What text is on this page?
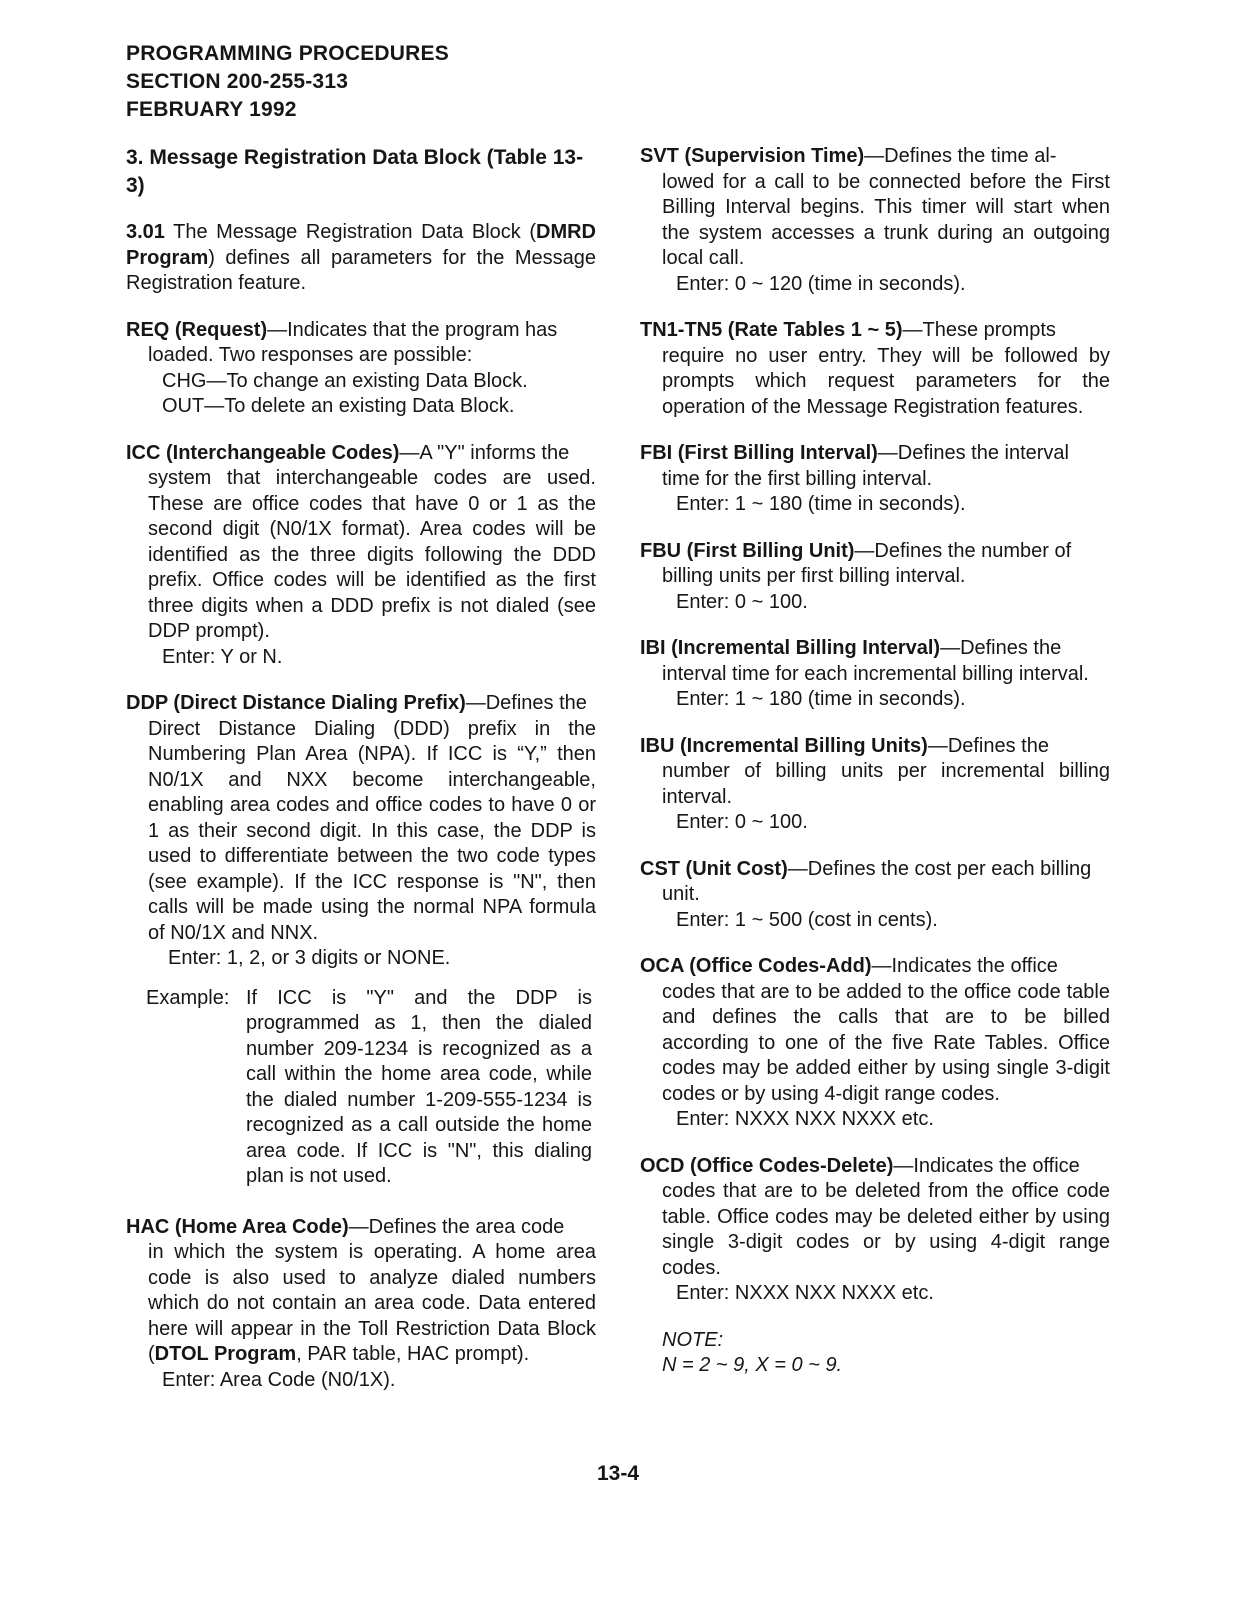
PROGRAMMING PROCEDURES
SECTION 200-255-313
FEBRUARY 1992
3. Message Registration Data Block (Table 13-3)
3.01 The Message Registration Data Block (DMRD Program) defines all parameters for the Message Registration feature.
REQ (Request)—Indicates that the program has
loaded. Two responses are possible:
CHG—To change an existing Data Block.
OUT—To delete an existing Data Block.
ICC (Interchangeable Codes)—A "Y" informs the
system that interchangeable codes are used. These are office codes that have 0 or 1 as the second digit (N0/1X format). Area codes will be identified as the three digits following the DDD prefix. Office codes will be identified as the first three digits when a DDD prefix is not dialed (see DDP prompt).
Enter: Y or N.
DDP (Direct Distance Dialing Prefix)—Defines the
Direct Distance Dialing (DDD) prefix in the Numbering Plan Area (NPA). If ICC is “Y,” then N0/1X and NXX become interchangeable, enabling area codes and office codes to have 0 or 1 as their second digit. In this case, the DDP is used to differentiate between the two code types (see example). If the ICC response is "N", then calls will be made using the normal NPA formula of N0/1X and NNX.
Enter: 1, 2, or 3 digits or NONE.
Example: If ICC is "Y" and the DDP is programmed as 1, then the dialed number 209-1234 is recognized as a call within the home area code, while the dialed number 1-209-555-1234 is recognized as a call outside the home area code. If ICC is "N", this dialing plan is not used.
HAC (Home Area Code)—Defines the area code
in which the system is operating. A home area code is also used to analyze dialed numbers which do not contain an area code. Data entered here will appear in the Toll Restriction Data Block (DTOL Program, PAR table, HAC prompt).
Enter: Area Code (N0/1X).
SVT (Supervision Time)—Defines the time al-
lowed for a call to be connected before the First Billing Interval begins. This timer will start when the system accesses a trunk during an outgoing local call.
Enter: 0 ~ 120 (time in seconds).
TN1-TN5 (Rate Tables 1 ~ 5)—These prompts
require no user entry. They will be followed by prompts which request parameters for the operation of the Message Registration features.
FBI (First Billing Interval)—Defines the interval
time for the first billing interval.
Enter: 1 ~ 180 (time in seconds).
FBU (First Billing Unit)—Defines the number of
billing units per first billing interval.
Enter: 0 ~ 100.
IBI (Incremental Billing Interval)—Defines the
interval time for each incremental billing interval.
Enter: 1 ~ 180 (time in seconds).
IBU (Incremental Billing Units)—Defines the
number of billing units per incremental billing interval.
Enter: 0 ~ 100.
CST (Unit Cost)—Defines the cost per each billing
unit.
Enter: 1 ~ 500 (cost in cents).
OCA (Office Codes-Add)—Indicates the office
codes that are to be added to the office code table and defines the calls that are to be billed according to one of the five Rate Tables. Office codes may be added either by using single 3-digit codes or by using 4-digit range codes.
Enter: NXXX NXX NXXX etc.
OCD (Office Codes-Delete)—Indicates the office
codes that are to be deleted from the office code table. Office codes may be deleted either by using single 3-digit codes or by using 4-digit range codes.
Enter: NXXX NXX NXXX etc.
NOTE:
N = 2 ~ 9, X = 0 ~ 9.
13-4
